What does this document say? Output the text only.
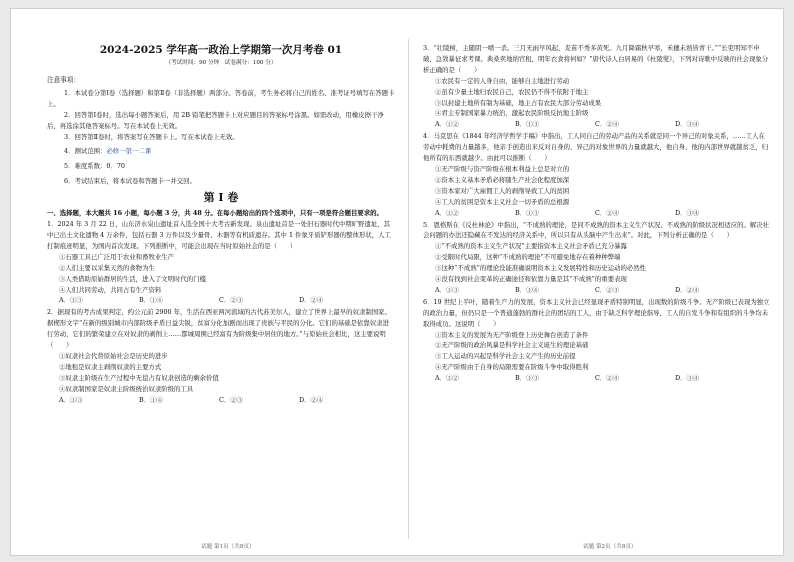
2024-2025 学年高一政治上学期第一次月考卷 01
（考试时间：90 分钟　试卷满分：100 分）
注意事项：
1．本试卷分第Ⅰ卷（选择题）和第Ⅱ卷（非选择题）两部分。答卷前，考生务必将自己的姓名、准考证号填写在答题卡上。
2．回答第Ⅰ卷时，选出每小题答案后，用 2B 铅笔把答题卡上对应题目的答案标号涂黑。如需改动，用橡皮擦干净后，再选涂其他答案标号。写在本试卷上无效。
3．回答第Ⅱ卷时，将答案写在答题卡上。写在本试卷上无效。
4．测试范围：必修一第一二课
5．难度系数：0．70
6．考试结束后，将本试卷和答题卡一并交回。
第 Ⅰ 卷
一、选择题，本大题共 16 小题，每小题 3 分，共 48 分。在每小题给出的四个选项中，只有一项是符合题目要求的。
1．2024 年 3 月 22 日，山东济水泉山遗址首入选全国十大考古新发现。泉山遗址首是一处旧石器时代中期旷野遗址，其中已出土文化遗物 4 万余件，包括石器 3 万件以及少量骨、木器等有机质遗存。其中 1 件象牙质铲形器的整体形状，人工打制痕迹明显，为国内首次发现。下列推断中，可能会出现在当时原始社会的是（　　）
①石器工具已广泛用于农业和畜牧业生产
②人们主要以采集天然的食物为生
③人类借助原始群居的生活，进入了文明时代的门槛
④人们共同劳动，共同占有生产资料
A．①③	B．①④	C．②③	D．②④
2．据现有的考古成果判定，约公元前 2900 年，生活在西亚两河流域的古代苏美尔人，建立了世界上最早的奴隶制国家。据楔形文字“在新的级别城市内部阶级矛盾日益尖锐，贫富分化加剧而出现了贵族与平民的分化。它们的基础是依靠奴隶进行劳动，它们的繁荣建立在对奴隶的剥削上……都城周围已经富有为阶级集中居住的地方。”与原始社会相比，这主要说明（　　）
①奴隶社会代替原始社会是历史的进步
②地租是奴隶主剥削奴隶的主要方式
③奴隶主阶级在生产过程中无偿占有奴隶创造的剩余价值
④奴隶制国家是奴隶主阶级统治奴隶阶级的工具
A．①③	B．①④	C．②③	D．②④
3．“壮陵树，主随阴一喷一杀。三月无雨早风起，麦苗不秀多黄死。九月降霜秋早寒，禾穗未熟皆青干。”“长吏明知不申破，急敛暴征求考课。典桑卖地纳官租，明年衣食将何如？”唐代诗人白居易的《杜陵叟》，下列对诗歌中反映的社会现象分析正确的是（　　）
①农民有一定的人身自由，能够自主地进行劳动
②虽有少量土地归农民自己，农民仍不得不依附于地主
③以封建土地所有制为基础，地主占有农民大部分劳动成果
④君主专制国家暴力统治，激起农民阶级反抗地主阶级
A．①②	B．①③	C．②④	D．③④
4．马克思在《1844 年经济学哲学手稿》中指出，工人同自己的劳动产品的关系就是同一个异己的对象关系，……工人在劳动中耗费的力量越多，他亲手创造出来反对自身的、异己的对象世界的力量就越大，他自身、他的内部世界就越贫乏，归他所有的东西就越少。由此可以推断（　　）
①无产阶级与资产阶级在根本利益上总是对立的
②资本主义基本矛盾必将随生产社会化程度加深
③资本家对广大雇佣工人的剥削导致工人的贫困
④工人的贫困是资本主义社会一切矛盾的总根源
A．①②	B．①③	C．②④	D．③④
5．恩格斯在《反杜林论》中指出，“不成熟的理论，是同不成熟的资本主义生产状况、不成熟的阶级状况相适应的。解决社会问题的办法还隐藏在不发达的经济关系中，所以只有从头脑中产生出来”。对此，下列分析正确的是（　　）
①“不成熟的资本主义生产状况”主要指资本主义社会矛盾已充分暴露
②受限时代局限，这种“不成熟的理论”不可避免地存在着种种弊端
③这种“不成熟”的理论没能准确说明资本主义发展特性和历史运动的必然性
④没有找到社会变革的正确途径和依靠力量是其“不成熟”的重要表现
A．①③	B．①④	C．②③	D．②④
6．19 世纪上半叶，随着生产力的发展，资本主义社会已经显现矛盾特别明显，出现数的阶级斗争。无产阶级已表现为独立的政治力量，但仍只是一个普通蓬勃的群社会的团结的工人，由于缺乏科学理论指导，工人的自发斗争和有组织的斗争均未取得成功。这说明（　　）
①资本主义的发展为无产阶级登上历史舞台创造了条件
②无产阶级的政治风暴是科学社会主义诞生的理论基础
③工人运动的兴起是科学社会主义产生的历史前提
④无产阶级由于自身的局限需要在阶级斗争中取得胜利
A．①②	B．①③	C．②④	D．③④
试题 第1页（共8页）	试题 第2页（共8页）
